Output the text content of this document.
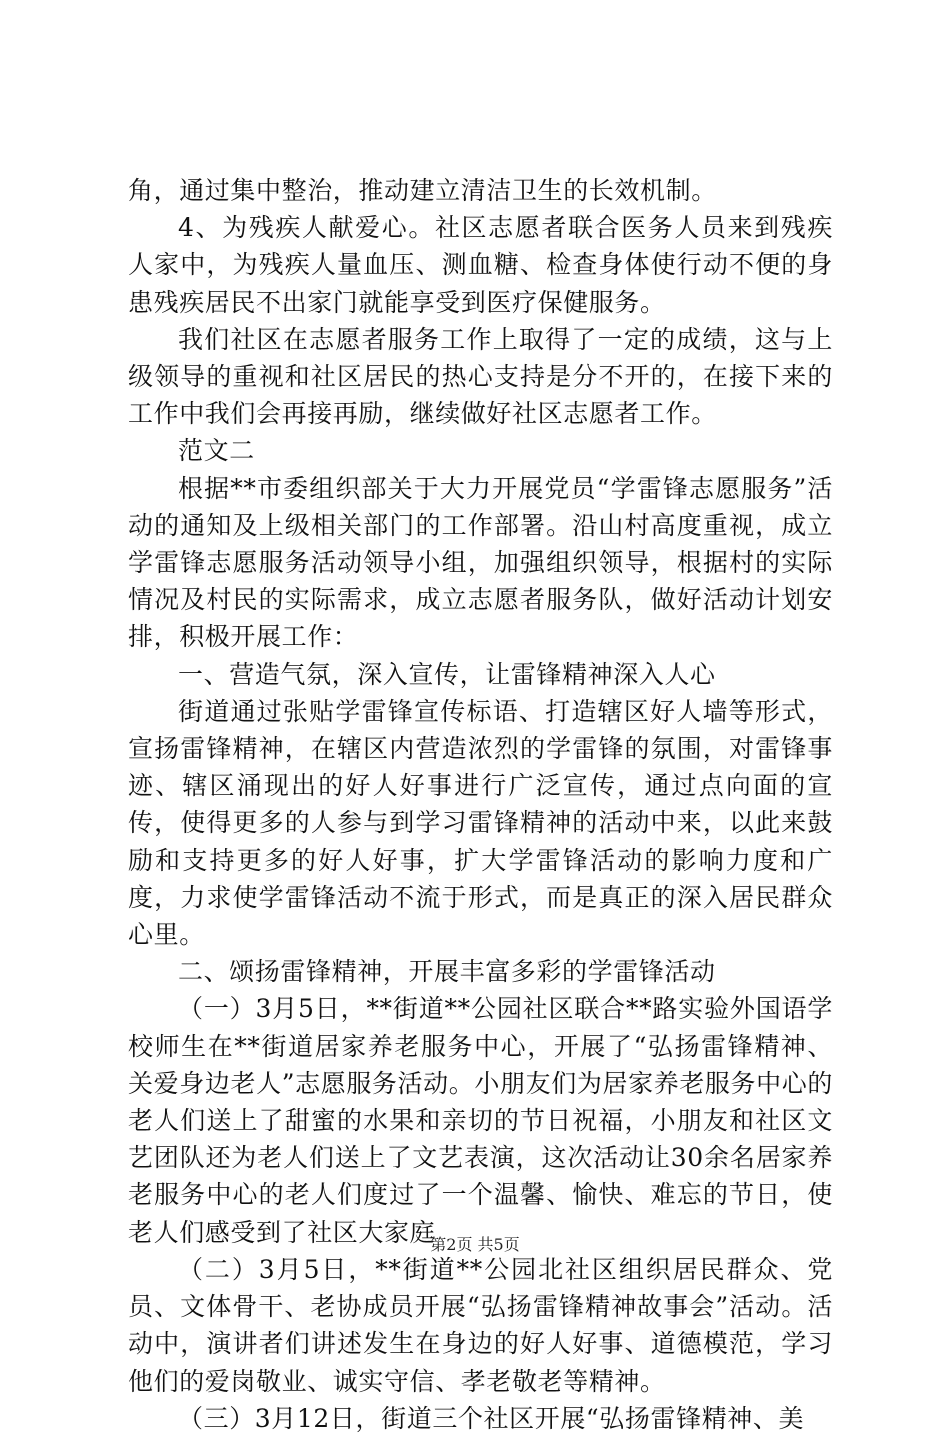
角，通过集中整治，推动建立清洁卫生的长效机制。

4、为残疾人献爱心。社区志愿者联合医务人员来到残疾人家中，为残疾人量血压、测血糖、检查身体使行动不便的身患残疾居民不出家门就能享受到医疗保健服务。

我们社区在志愿者服务工作上取得了一定的成绩，这与上级领导的重视和社区居民的热心支持是分不开的，在接下来的工作中我们会再接再励，继续做好社区志愿者工作。

范文二

根据**市委组织部关于大力开展党员“学雷锋志愿服务”活动的通知及上级相关部门的工作部署。沿山村高度重视，成立学雷锋志愿服务活动领导小组，加强组织领导，根据村的实际情况及村民的实际需求，成立志愿者服务队，做好活动计划安排，积极开展工作：

一、营造气氛，深入宣传，让雷锋精神深入人心

街道通过张贴学雷锋宣传标语、打造辖区好人墙等形式，宣扬雷锋精神，在辖区内营造浓烈的学雷锋的氛围，对雷锋事迹、辖区涌现出的好人好事进行广泛宣传，通过点向面的宣传，使得更多的人参与到学习雷锋精神的活动中来，以此来鼓励和支持更多的好人好事，扩大学雷锋活动的影响力度和广度，力求使学雷锋活动不流于形式，而是真正的深入居民群众心里。

二、颂扬雷锋精神，开展丰富多彩的学雷锋活动

（一）3月5日，**街道**公园社区联合**路实验外国语学校师生在**街道居家养老服务中心，开展了“弘扬雷锋精神、关爱身边老人”志愿服务活动。小朋友们为居家养老服务中心的老人们送上了甜蜜的水果和亲切的节日祝福，小朋友和社区文艺团队还为老人们送上了文艺表演，这次活动让30余名居家养老服务中心的老人们度过了一个温馨、愉快、难忘的节日，使老人们感受到了社区大家庭

（二）3月5日，**街道**公园北社区组织居民群众、党员、文体骨干、老协成员开展“弘扬雷锋精神故事会”活动。活动中，演讲者们讲述发生在身边的好人好事、道德模范，学习他们的爱岗敬业、诚实守信、孝老敬老等精神。

（三）3月12日，街道三个社区开展“弘扬雷锋精神、美

第2页 共5页
